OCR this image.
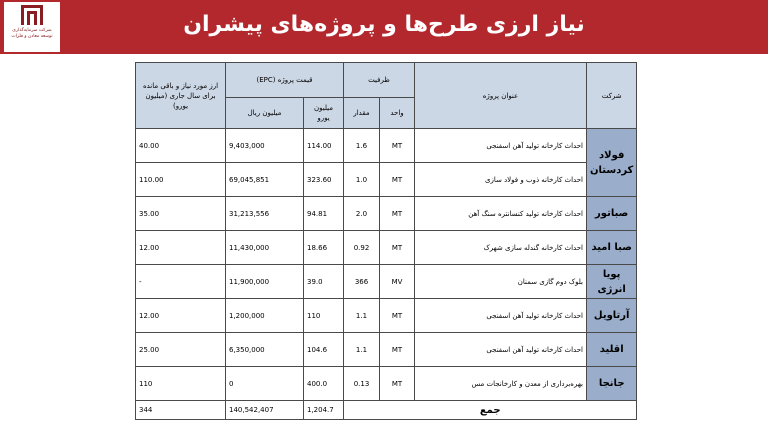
شرکت سرمایه‌گذاری توسعه معادن و فلزات	نیاز ارزی طرح‌ها و پروژه‌های پیشران
ارز مورد نیاز و باقی مانده برای سال جاری (میلیون یورو)	قیمت پروژه (EPC)		ظرفیت		عنوان پروژه	شرکت
	میلیون ریال	میلیون یورو	مقدار	واحد		
40.00	9,403,000	114.00	1.6	MT	احداث کارخانه تولید آهن اسفنجی	فولاد کردستان
110.00	69,045,851	323.60	1.0	MT	احداث کارخانه ذوب و فولاد سازی	
35.00	31,213,556	94.81	2.0	MT	احداث کارخانه تولید کنسانتره سنگ آهن	صباتور
12.00	11,430,000	18.66	0.92	MT	احداث کارخانه گندله سازی شهرک	صبا امید
-	11,900,000	39.0	366	MV	بلوک دوم گازی سمنان	پویا انرژی
12.00	1,200,000	110	1.1	MT	احداث کارخانه تولید آهن اسفنجی	آرتاویل
25.00	6,350,000	104.6	1.1	MT	احداث کارخانه تولید آهن اسفنجی	اقلید
110	0	400.0	0.13	MT	بهره‌برداری از معدن و کارخانجات مس	جانجا
344	140,542,407	1,204.7	جمع			
